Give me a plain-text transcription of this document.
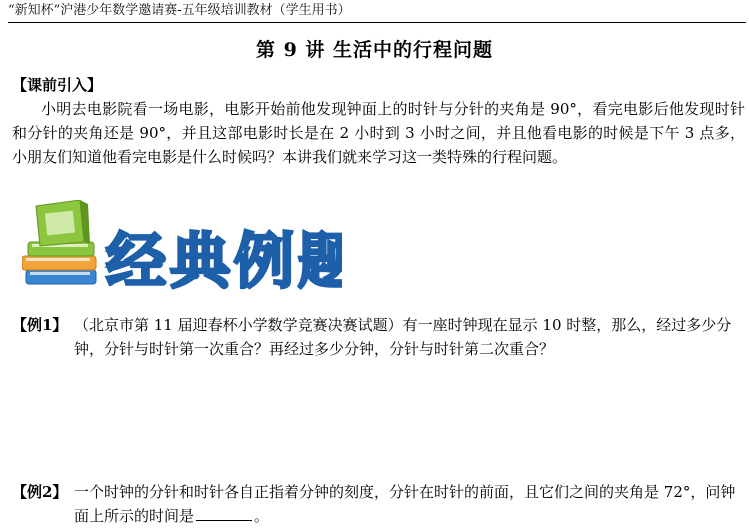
“新知杯”沪港少年数学邀请赛-五年级培训教材（学生用书）
第 9 讲 生活中的行程问题
【课前引入】
小明去电影院看一场电影，电影开始前他发现钟面上的时针与分针的夹角是 90°，看完电影后他发现时针和分针的夹角还是 90°，并且这部电影时长是在 2 小时到 3 小时之间，并且他看电影的时候是下午 3 点多，小朋友们知道他看完电影是什么时候吗？本讲我们就来学习这一类特殊的行程问题。
经典例题
【例1】 （北京市第 11 届迎春杯小学数学竞赛决赛试题）有一座时钟现在显示 10 时整，那么，经过多少分钟，分针与时针第一次重合？再经过多少分钟，分针与时针第二次重合？
【例2】 一个时钟的分针和时针各自正指着分钟的刻度，分针在时针的前面，且它们之间的夹角是 72°，问钟面上所示的时间是	。
